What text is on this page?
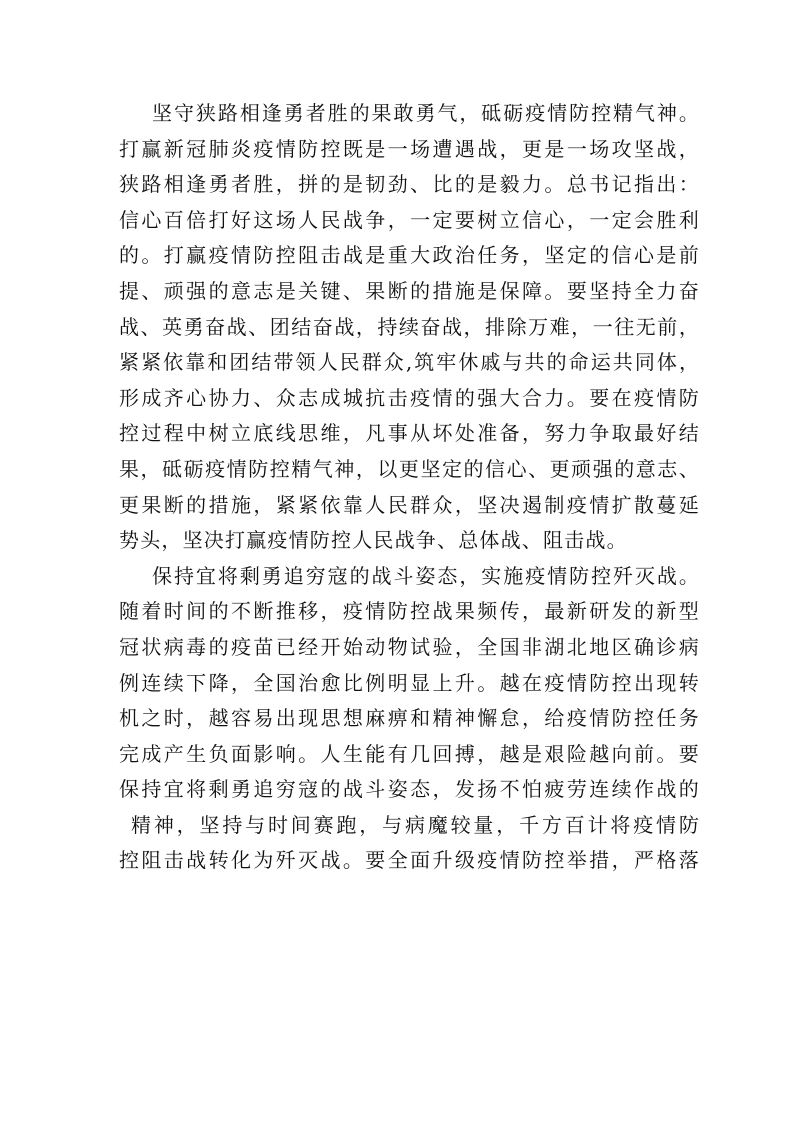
坚 守 狭 路 相 逢 勇 者 胜 的 果 敢 勇 气 ， 砥 砺 疫 情 防 控 精 气 神 。
打 赢 新 冠 肺 炎 疫 情 防 控 既 是 一 场 遭 遇 战 ， 更 是 一 场 攻 坚 战 ，
狭 路 相 逢 勇 者 胜 ， 拼 的 是 韧 劲 、 比 的 是 毅 力 。 总 书 记 指 出 ：
信 心 百 倍 打 好 这 场 人 民 战 争 ， 一 定 要 树 立 信 心 ， 一 定 会 胜 利
的 。 打 赢 疫 情 防 控 阻 击 战 是 重 大 政 治 任 务 ， 坚 定 的 信 心 是 前
提 、 顽 强 的 意 志 是 关 键 、 果 断 的 措 施 是 保 障 。 要 坚 持 全 力 奋
战 、 英 勇 奋 战 、 团 结 奋 战 ， 持 续 奋 战 ， 排 除 万 难 ， 一 往 无 前 ，
紧 紧 依 靠 和 团 结 带 领 人 民 群 众 , 筑 牢 休 戚 与 共 的 命 运 共 同 体 ，
形 成 齐 心 协 力 、 众 志 成 城 抗 击 疫 情 的 强 大 合 力 。 要 在 疫 情 防
控 过 程 中 树 立 底 线 思 维 ， 凡 事 从 坏 处 准 备 ， 努 力 争 取 最 好 结
果 ， 砥 砺 疫 情 防 控 精 气 神 ， 以 更 坚 定 的 信 心 、 更 顽 强 的 意 志 、
更 果 断 的 措 施 ， 紧 紧 依 靠 人 民 群 众 ， 坚 决 遏 制 疫 情 扩 散 蔓 延
势头，坚决打赢疫情防控人民战争、总体战、阻击战。
保 持 宜 将 剩 勇 追 穷 寇 的 战 斗 姿 态 ， 实 施 疫 情 防 控 歼 灭 战 。
随 着 时 间 的 不 断 推 移 ， 疫 情 防 控 战 果 频 传 ， 最 新 研 发 的 新 型
冠 状 病 毒 的 疫 苗 已 经 开 始 动 物 试 验 ， 全 国 非 湖 北 地 区 确 诊 病
例 连 续 下 降 ， 全 国 治 愈 比 例 明 显 上 升 。 越 在 疫 情 防 控 出 现 转
机 之 时 ， 越 容 易 出 现 思 想 麻 痹 和 精 神 懈 怠 ， 给 疫 情 防 控 任 务
完 成 产 生 负 面 影 响 。 人 生 能 有 几 回 搏 ， 越 是 艰 险 越 向 前 。 要
保 持 宜 将 剩 勇 追 穷 寇 的 战 斗 姿 态 ， 发 扬 不 怕 疲 劳 连 续 作 战 的
精 神 ， 坚 持 与 时 间 赛 跑 ， 与 病 魔 较 量 ， 千 方 百 计 将 疫 情 防
控 阻 击 战 转 化 为 歼 灭 战 。 要 全 面 升 级 疫 情 防 控 举 措 ， 严 格 落
